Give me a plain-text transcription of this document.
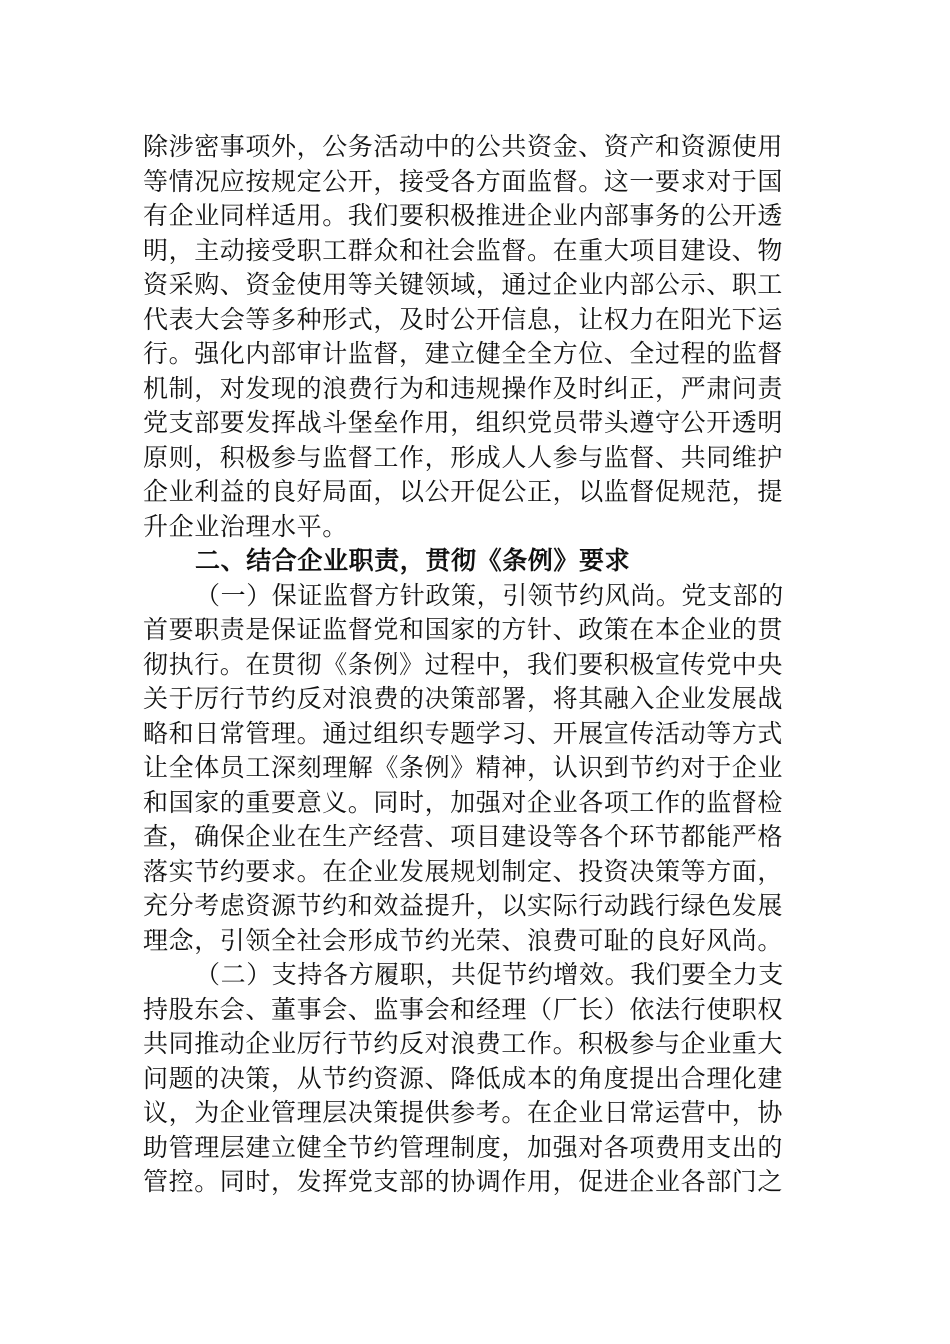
除涉密事项外，公务活动中的公共资金、资产和资源使用
等情况应按规定公开，接受各方面监督。这一要求对于国
有企业同样适用。我们要积极推进企业内部事务的公开透
明，主动接受职工群众和社会监督。在重大项目建设、物
资采购、资金使用等关键领域，通过企业内部公示、职工
代表大会等多种形式，及时公开信息，让权力在阳光下运
行。强化内部审计监督，建立健全全方位、全过程的监督
机制，对发现的浪费行为和违规操作及时纠正，严肃问责
党支部要发挥战斗堡垒作用，组织党员带头遵守公开透明
原则，积极参与监督工作，形成人人参与监督、共同维护
企业利益的良好局面，以公开促公正，以监督促规范，提
升企业治理水平。
二、结合企业职责，贯彻《条例》要求
（一）保证监督方针政策，引领节约风尚。党支部的
首要职责是保证监督党和国家的方针、政策在本企业的贯
彻执行。在贯彻《条例》过程中，我们要积极宣传党中央
关于厉行节约反对浪费的决策部署，将其融入企业发展战
略和日常管理。通过组织专题学习、开展宣传活动等方式
让全体员工深刻理解《条例》精神，认识到节约对于企业
和国家的重要意义。同时，加强对企业各项工作的监督检
查，确保企业在生产经营、项目建设等各个环节都能严格
落实节约要求。在企业发展规划制定、投资决策等方面，
充分考虑资源节约和效益提升，以实际行动践行绿色发展
理念，引领全社会形成节约光荣、浪费可耻的良好风尚。
（二）支持各方履职，共促节约增效。我们要全力支
持股东会、董事会、监事会和经理（厂长）依法行使职权
共同推动企业厉行节约反对浪费工作。积极参与企业重大
问题的决策，从节约资源、降低成本的角度提出合理化建
议，为企业管理层决策提供参考。在企业日常运营中，协
助管理层建立健全节约管理制度，加强对各项费用支出的
管控。同时，发挥党支部的协调作用，促进企业各部门之
